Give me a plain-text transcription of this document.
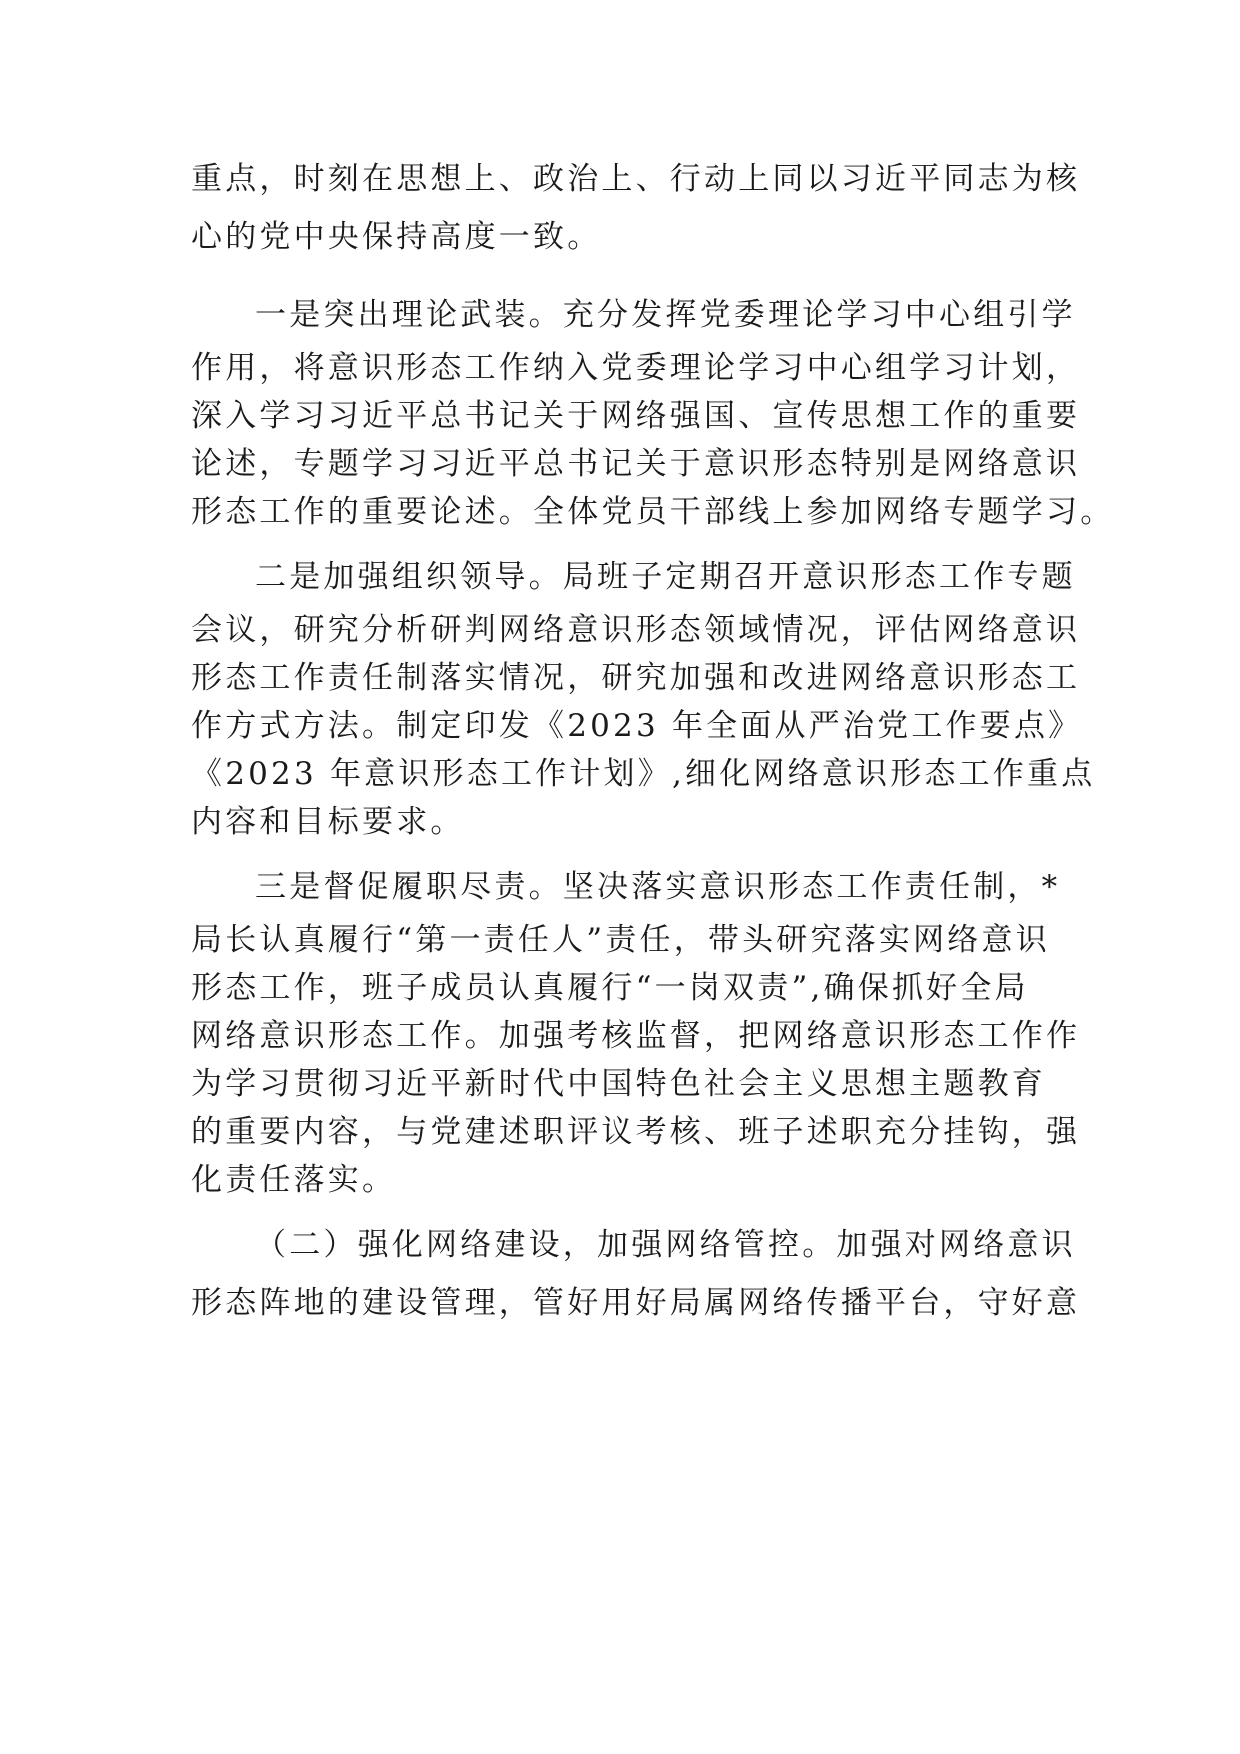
重点，时刻在思想上、政治上、行动上同以习近平同志为核
心的党中央保持高度一致。
一是突出理论武装。充分发挥党委理论学习中心组引学
作用，将意识形态工作纳入党委理论学习中心组学习计划，
深入学习习近平总书记关于网络强国、宣传思想工作的重要
论述，专题学习习近平总书记关于意识形态特别是网络意识
形态工作的重要论述。全体党员干部线上参加网络专题学习。
二是加强组织领导。局班子定期召开意识形态工作专题
会议，研究分析研判网络意识形态领域情况，评估网络意识
形态工作责任制落实情况，研究加强和改进网络意识形态工
作方式方法。制定印发《2023 年全面从严治党工作要点》
《2023 年意识形态工作计划》,细化网络意识形态工作重点
内容和目标要求。
三是督促履职尽责。坚决落实意识形态工作责任制，*
局长认真履行“第一责任人”责任，带头研究落实网络意识
形态工作，班子成员认真履行“一岗双责”,确保抓好全局
网络意识形态工作。加强考核监督，把网络意识形态工作作
为学习贯彻习近平新时代中国特色社会主义思想主题教育
的重要内容，与党建述职评议考核、班子述职充分挂钩，强
化责任落实。
（二）强化网络建设，加强网络管控。加强对网络意识
形态阵地的建设管理，管好用好局属网络传播平台，守好意
